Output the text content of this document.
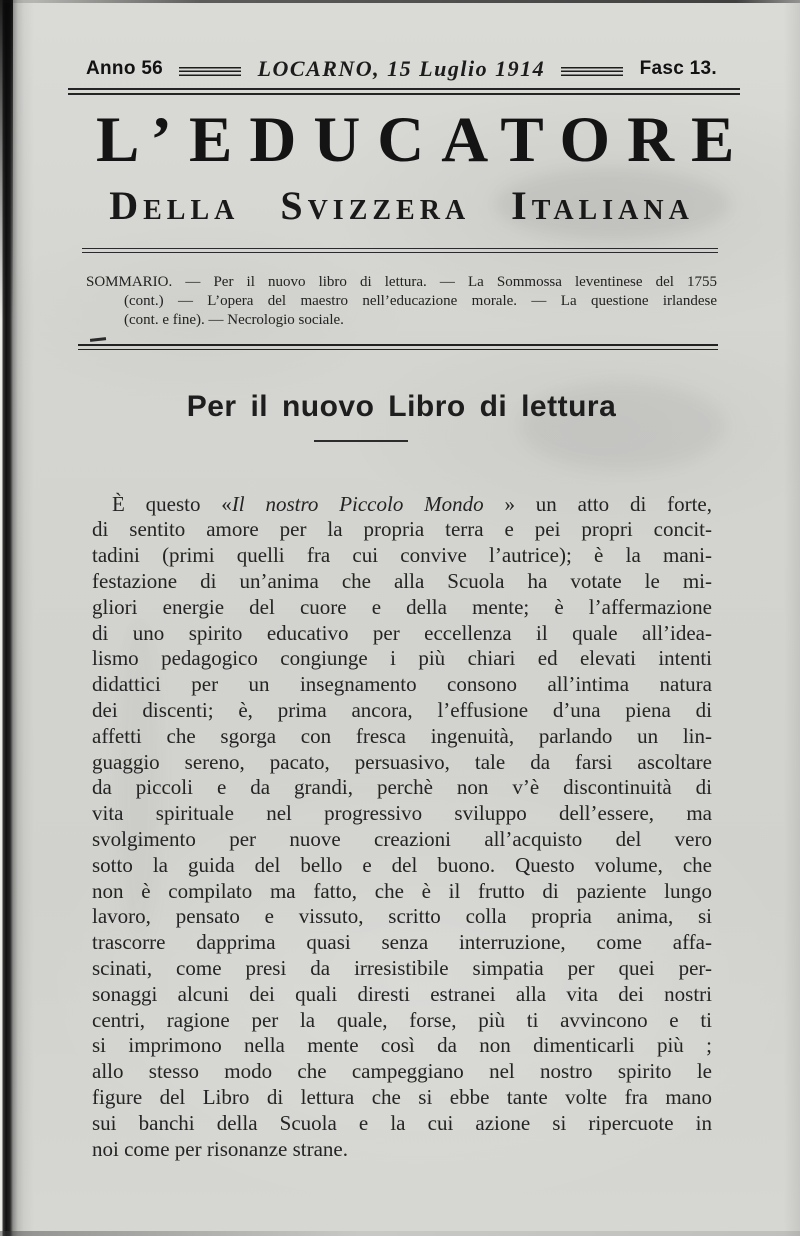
Anno 56	LOCARNO, 15 Luglio 1914	Fasc 13.
L’EDUCATORE
Della Svizzera Italiana
SOMMARIO. — Per il nuovo libro di lettura. — La Sommossa leventinese del 1755
(cont.) — L’opera del maestro nell’educazione morale. — La questione irlandese
(cont. e fine). — Necrologio sociale.
Per il nuovo Libro di lettura
È questo «Il nostro Piccolo Mondo » un atto di forte,
di sentito amore per la propria terra e pei propri concit-
tadini (primi quelli fra cui convive l’autrice); è la mani-
festazione di un’anima che alla Scuola ha votate le mi-
gliori energie del cuore e della mente; è l’affermazione
di uno spirito educativo per eccellenza il quale all’idea-
lismo pedagogico congiunge i più chiari ed elevati intenti
didattici per un insegnamento consono all’intima natura
dei discenti; è, prima ancora, l’effusione d’una piena di
affetti che sgorga con fresca ingenuità, parlando un lin-
guaggio sereno, pacato, persuasivo, tale da farsi ascoltare
da piccoli e da grandi, perchè non v’è discontinuità di
vita spirituale nel progressivo sviluppo dell’essere, ma
svolgimento per nuove creazioni all’acquisto del vero
sotto la guida del bello e del buono. Questo volume, che
non è compilato ma fatto, che è il frutto di paziente lungo
lavoro, pensato e vissuto, scritto colla propria anima, si
trascorre dapprima quasi senza interruzione, come affa-
scinati, come presi da irresistibile simpatia per quei per-
sonaggi alcuni dei quali diresti estranei alla vita dei nostri
centri, ragione per la quale, forse, più ti avvincono e ti
si imprimono nella mente così da non dimenticarli più ;
allo stesso modo che campeggiano nel nostro spirito le
figure del Libro di lettura che si ebbe tante volte fra mano
sui banchi della Scuola e la cui azione si ripercuote in
noi come per risonanze strane.
